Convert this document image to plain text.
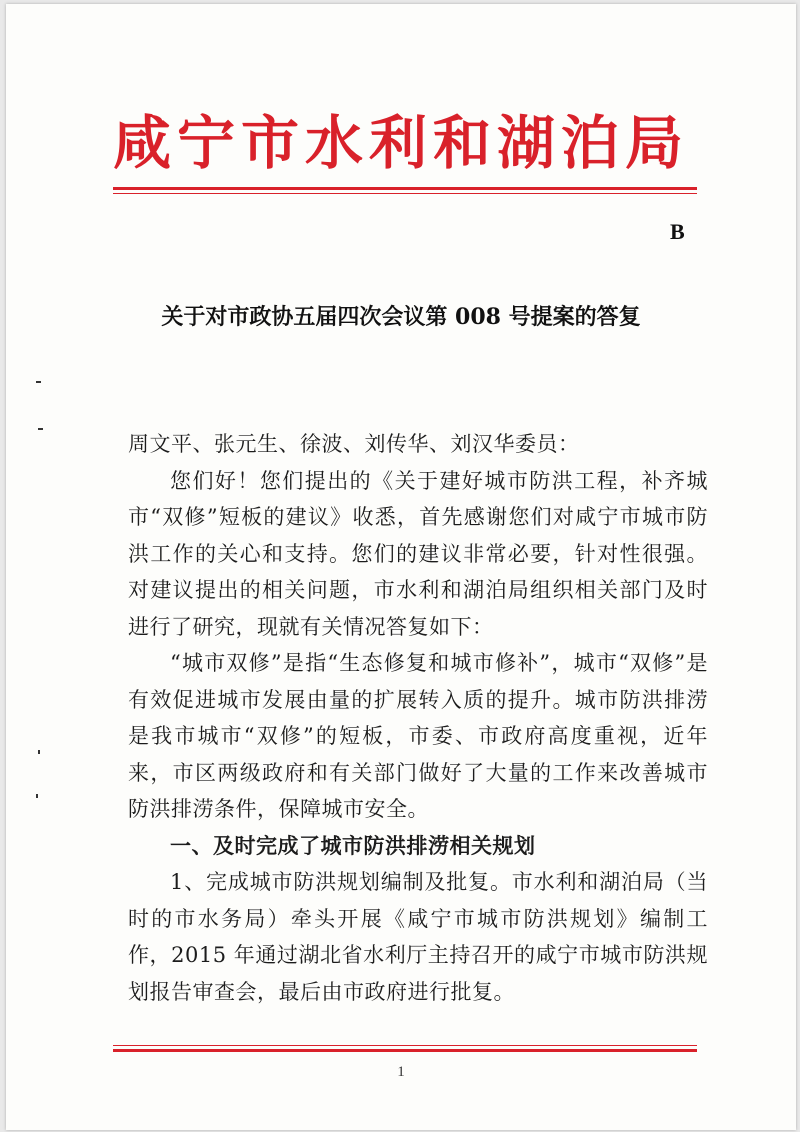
咸宁市水利和湖泊局
B
关于对市政协五届四次会议第 008 号提案的答复

周文平、张元生、徐波、刘传华、刘汉华委员：

您们好！您们提出的《关于建好城市防洪工程，补齐城市“双修”短板的建议》收悉，首先感谢您们对咸宁市城市防洪工作的关心和支持。您们的建议非常必要，针对性很强。对建议提出的相关问题，市水利和湖泊局组织相关部门及时进行了研究，现就有关情况答复如下：

“城市双修”是指“生态修复和城市修补”，城市“双修”是有效促进城市发展由量的扩展转入质的提升。城市防洪排涝是我市城市“双修”的短板，市委、市政府高度重视，近年来，市区两级政府和有关部门做好了大量的工作来改善城市防洪排涝条件，保障城市安全。

一、及时完成了城市防洪排涝相关规划

1、完成城市防洪规划编制及批复。市水利和湖泊局（当时的市水务局）牵头开展《咸宁市城市防洪规划》编制工作，2015 年通过湖北省水利厅主持召开的咸宁市城市防洪规划报告审查会，最后由市政府进行批复。

1
